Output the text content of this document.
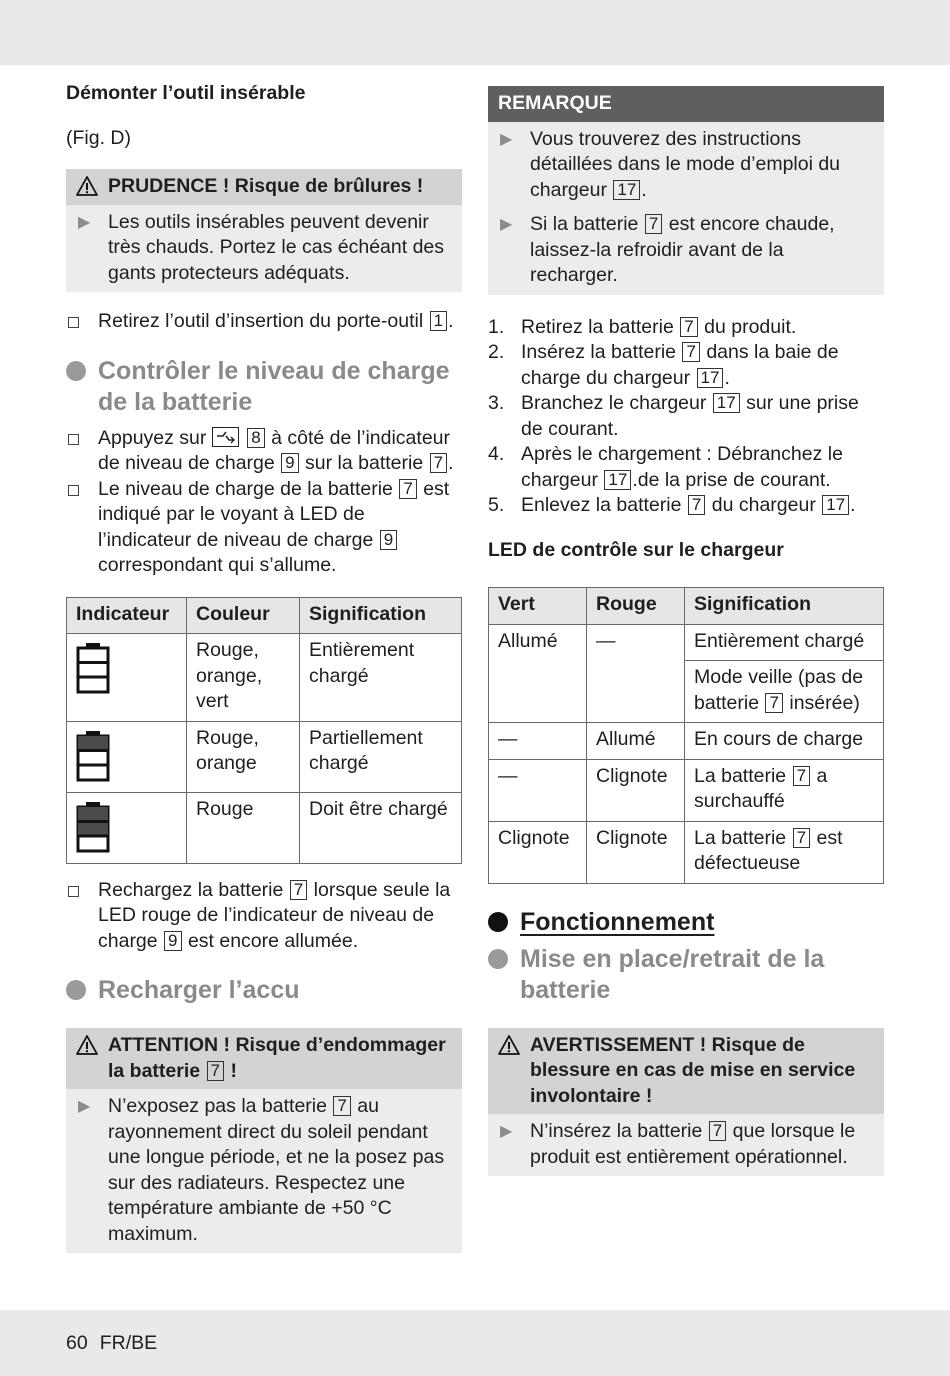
Démonter l’outil insérable
(Fig. D)
PRUDENCE ! Risque de brûlures !
▶ Les outils insérables peuvent devenir très chauds. Portez le cas échéant des gants protecteurs adéquats.
Retirez l’outil d’insertion du porte-outil 1 .
Contrôler le niveau de charge de la batterie
Appuyez sur	8 à côté de l’indicateur de niveau de charge 9 sur la batterie 7 .
Le niveau de charge de la batterie 7 est indiqué par le voyant à LED de l’indicateur de niveau de charge 9 correspondant qui s’allume.
Indicateur	Couleur	Signification

	Rouge, orange, vert	Entièrement chargé

	Rouge, orange	Partiellement chargé

	Rouge	Doit être chargé
Rechargez la batterie 7 lorsque seule la LED rouge de l’indicateur de niveau de charge 9 est encore allumée.
Recharger l’accu
ATTENTION ! Risque d’endommager la batterie 7 !
▶ N’exposez pas la batterie 7 au rayonnement direct du soleil pendant une longue période, et ne la posez pas sur des radiateurs. Respectez une température ambiante de +50 °C maximum.
REMARQUE
▶ Vous trouverez des instructions détaillées dans le mode d’emploi du chargeur 17 .
▶ Si la batterie 7 est encore chaude, laissez-la refroidir avant de la recharger.
1. Retirez la batterie 7 du produit.
2. Insérez la batterie 7 dans la baie de charge du chargeur 17 .
3. Branchez le chargeur 17 sur une prise de courant.
4. Après le chargement : Débranchez le chargeur 17 .de la prise de courant.
5. Enlevez la batterie 7 du chargeur 17 .
LED de contrôle sur le chargeur
Vert	Rouge	Signification
Allumé	—	Entièrement chargé
		Mode veille (pas de batterie 7 insérée)
—	Allumé	En cours de charge
—	Clignote	La batterie 7 a surchauffé
Clignote	Clignote	La batterie 7 est défectueuse
Fonctionnement
Mise en place/retrait de la batterie
AVERTISSEMENT ! Risque de blessure en cas de mise en service involontaire !
▶ N’insérez la batterie 7 que lorsque le produit est entièrement opérationnel.
60 FR/BE
